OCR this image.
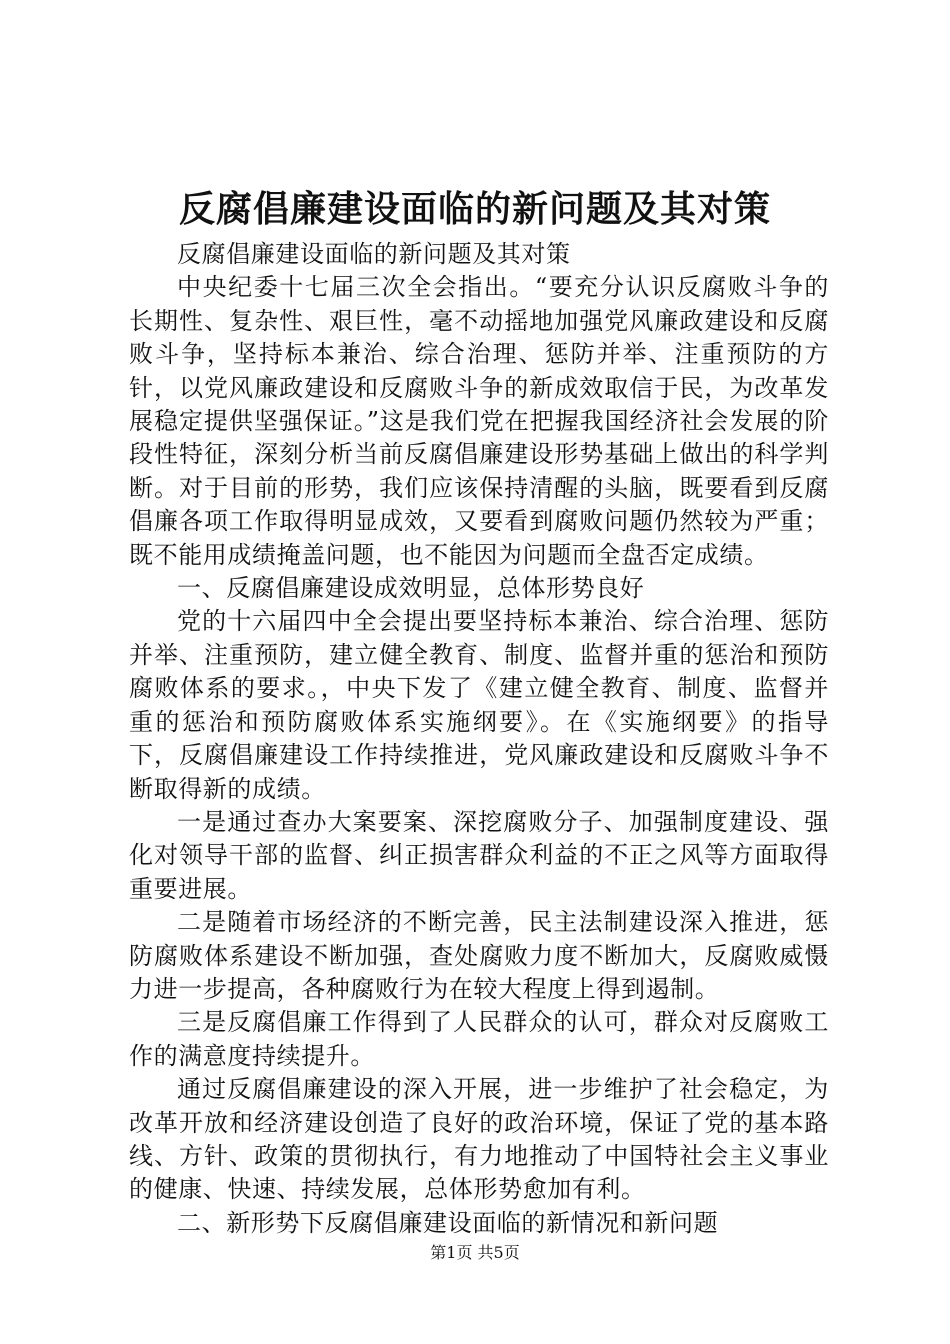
反腐倡廉建设面临的新问题及其对策

反腐倡廉建设面临的新问题及其对策

中央纪委十七届三次全会指出。“要充分认识反腐败斗争的长期性、复杂性、艰巨性，毫不动摇地加强党风廉政建设和反腐败斗争，坚持标本兼治、综合治理、惩防并举、注重预防的方针，以党风廉政建设和反腐败斗争的新成效取信于民，为改革发展稳定提供坚强保证。”这是我们党在把握我国经济社会发展的阶段性特征，深刻分析当前反腐倡廉建设形势基础上做出的科学判断。对于目前的形势，我们应该保持清醒的头脑，既要看到反腐倡廉各项工作取得明显成效，又要看到腐败问题仍然较为严重；既不能用成绩掩盖问题，也不能因为问题而全盘否定成绩。

一、反腐倡廉建设成效明显，总体形势良好

党的十六届四中全会提出要坚持标本兼治、综合治理、惩防并举、注重预防，建立健全教育、制度、监督并重的惩治和预防腐败体系的要求。，中央下发了《建立健全教育、制度、监督并重的惩治和预防腐败体系实施纲要》。在《实施纲要》的指导下，反腐倡廉建设工作持续推进，党风廉政建设和反腐败斗争不断取得新的成绩。

一是通过查办大案要案、深挖腐败分子、加强制度建设、强化对领导干部的监督、纠正损害群众利益的不正之风等方面取得重要进展。

二是随着市场经济的不断完善，民主法制建设深入推进，惩防腐败体系建设不断加强，查处腐败力度不断加大，反腐败威慑力进一步提高，各种腐败行为在较大程度上得到遏制。

三是反腐倡廉工作得到了人民群众的认可，群众对反腐败工作的满意度持续提升。

通过反腐倡廉建设的深入开展，进一步维护了社会稳定，为改革开放和经济建设创造了良好的政治环境，保证了党的基本路线、方针、政策的贯彻执行，有力地推动了中国特社会主义事业的健康、快速、持续发展，总体形势愈加有利。

二、新形势下反腐倡廉建设面临的新情况和新问题

第1页 共5页
